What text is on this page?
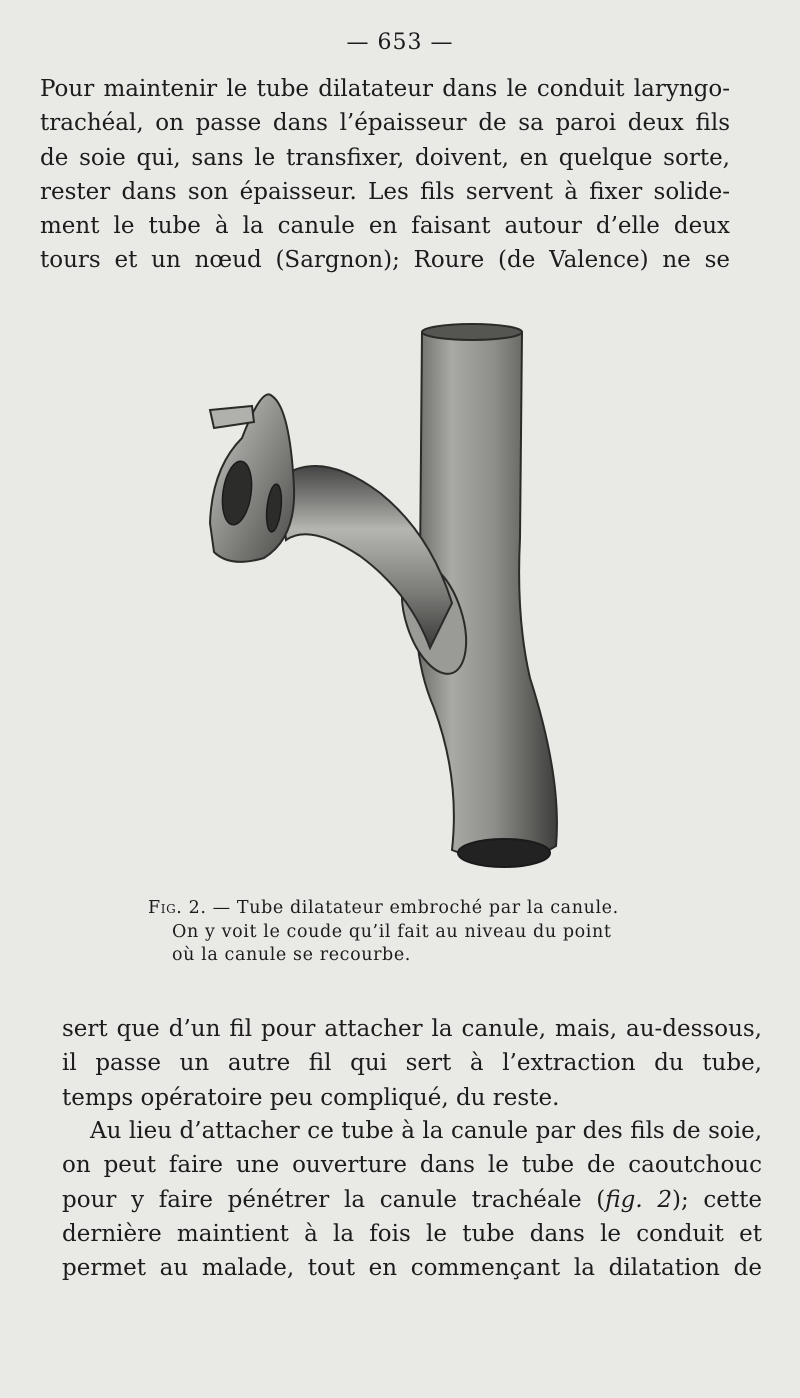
— 653 —

Pour maintenir le tube dilatateur dans le conduit laryngo-
trachéal, on passe dans l’épaisseur de sa paroi deux fils
de soie qui, sans le transfixer, doivent, en quelque sorte,
rester dans son épaisseur. Les fils servent à fixer solide-
ment le tube à la canule en faisant autour d’elle deux
tours et un nœud (Sargnon); Roure (de Valence) ne se

Fig. 2. — Tube dilatateur embroché par la canule.
On y voit le coude qu’il fait au niveau du point
où la canule se recourbe.

sert que d’un fil pour attacher la canule, mais, au-dessous,
il passe un autre fil qui sert à l’extraction du tube,
temps opératoire peu compliqué, du reste.

Au lieu d’attacher ce tube à la canule par des fils de soie,
on peut faire une ouverture dans le tube de caoutchouc
pour y faire pénétrer la canule trachéale (fig. 2); cette
dernière maintient à la fois le tube dans le conduit et
permet au malade, tout en commençant la dilatation de
